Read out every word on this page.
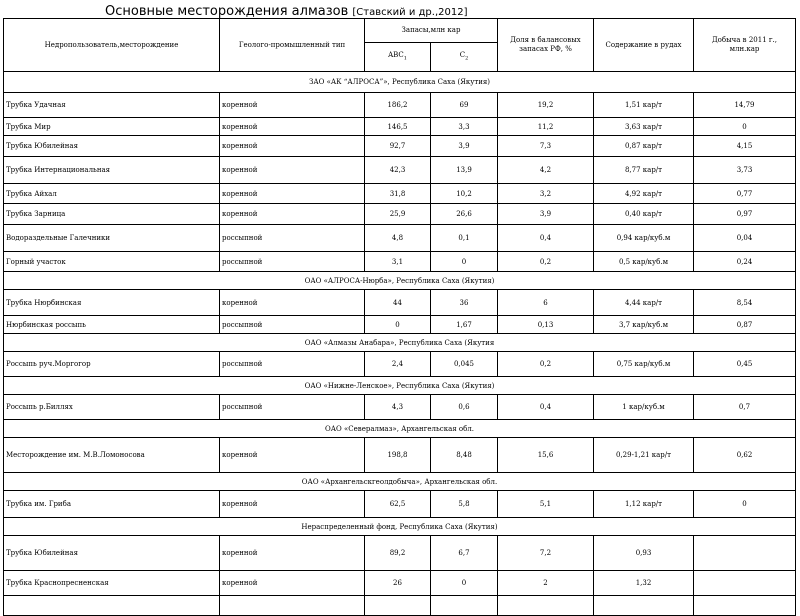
Основные месторождения алмазов [Ставский и др.,2012]
Недропользователь,месторождение	Геолого-промышленный тип	Запасы,млн кар		Доля в балансовых запасах РФ, %	Содержание в рудах	Добыча в 2011 г., млн.кар
		$ABC_1$	$C_2$
ЗАО «АК “АЛРОСА”», Республика Саха (Якутия)						
Трубка Удачная	коренной	186,2	69	19,2	1,51 кар/т	14,79
Трубка Мир	коренной	146,5	3,3	11,2	3,63 кар/т	0
Трубка Юбилейная	коренной	92,7	3,9	7,3	0,87 кар/т	4,15
Трубка Интернациональная	коренной	42,3	13,9	4,2	8,77 кар/т	3,73
Трубка Айхал	коренной	31,8	10,2	3,2	4,92 кар/т	0,77
Трубка Зарница	коренной	25,9	26,6	3,9	0,40 кар/т	0,97
Водораздельные Галечники	россыпной	4,8	0,1	0,4	0,94 кар/куб.м	0,04
Горный участок	россыпной	3,1	0	0,2	0,5 кар/куб.м	0,24
ОАО «АЛРОСА-Нюрба», Республика Саха (Якутия)						
Трубка Нюрбинская	коренной	44	36	6	4,44 кар/т	8,54
Нюрбинская россыпь	россыпной	0	1,67	0,13	3,7 кар/куб.м	0,87
ОАО «Алмазы Анабара», Республика Саха (Якутия						
Россыпь руч.Моргогор	россыпной	2,4	0,045	0,2	0,75 кар/куб.м	0,45
ОАО «Нижне-Ленское», Республика Саха (Якутия)						
Россыпь р.Биллях	россыпной	4,3	0,6	0,4	1 кар/куб.м	0,7
ОАО «Севералмаз», Архангельская обл.						
Месторождение им. М.В.Ломоносова	коренной	198,8	8,48	15,6	0,29-1,21 кар/т	0,62
ОАО «Архангельскгеолдобыча», Архангельская обл.						
Трубка им. Гриба	коренной	62,5	5,8	5,1	1,12 кар/т	0
Нераспределенный фонд, Республика Саха (Якутия)						
Трубка Юбилейная	коренной	89,2	6,7	7,2	0,93	
Трубка Краснопресненская	коренной	26	0	2	1,32	
